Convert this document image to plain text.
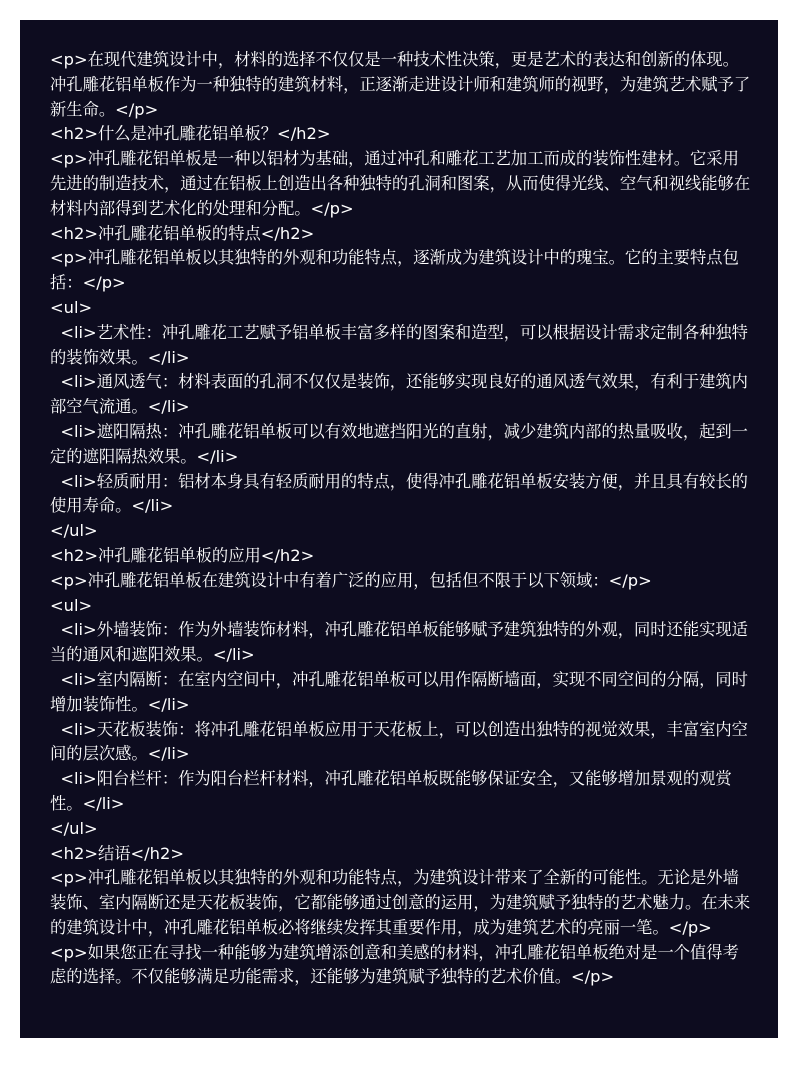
<p>在现代建筑设计中，材料的选择不仅仅是一种技术性决策，更是艺术的表达和创新的体现。冲孔雕花铝单板作为一种独特的建筑材料，正逐渐走进设计师和建筑师的视野，为建筑艺术赋予了新生命。</p>
<h2>什么是冲孔雕花铝单板？</h2>
<p>冲孔雕花铝单板是一种以铝材为基础，通过冲孔和雕花工艺加工而成的装饰性建材。它采用先进的制造技术，通过在铝板上创造出各种独特的孔洞和图案，从而使得光线、空气和视线能够在材料内部得到艺术化的处理和分配。</p>
<h2>冲孔雕花铝单板的特点</h2>
<p>冲孔雕花铝单板以其独特的外观和功能特点，逐渐成为建筑设计中的瑰宝。它的主要特点包括：</p>
<ul>
<li>艺术性：冲孔雕花工艺赋予铝单板丰富多样的图案和造型，可以根据设计需求定制各种独特的装饰效果。</li>
<li>通风透气：材料表面的孔洞不仅仅是装饰，还能够实现良好的通风透气效果，有利于建筑内部空气流通。</li>
<li>遮阳隔热：冲孔雕花铝单板可以有效地遮挡阳光的直射，减少建筑内部的热量吸收，起到一定的遮阳隔热效果。</li>
<li>轻质耐用：铝材本身具有轻质耐用的特点，使得冲孔雕花铝单板安装方便，并且具有较长的使用寿命。</li>
</ul>
<h2>冲孔雕花铝单板的应用</h2>
<p>冲孔雕花铝单板在建筑设计中有着广泛的应用，包括但不限于以下领域：</p>
<ul>
<li>外墙装饰：作为外墙装饰材料，冲孔雕花铝单板能够赋予建筑独特的外观，同时还能实现适当的通风和遮阳效果。</li>
<li>室内隔断：在室内空间中，冲孔雕花铝单板可以用作隔断墙面，实现不同空间的分隔，同时增加装饰性。</li>
<li>天花板装饰：将冲孔雕花铝单板应用于天花板上，可以创造出独特的视觉效果，丰富室内空间的层次感。</li>
<li>阳台栏杆：作为阳台栏杆材料，冲孔雕花铝单板既能够保证安全，又能够增加景观的观赏性。</li>
</ul>
<h2>结语</h2>
<p>冲孔雕花铝单板以其独特的外观和功能特点，为建筑设计带来了全新的可能性。无论是外墙装饰、室内隔断还是天花板装饰，它都能够通过创意的运用，为建筑赋予独特的艺术魅力。在未来的建筑设计中，冲孔雕花铝单板必将继续发挥其重要作用，成为建筑艺术的亮丽一笔。</p>
<p>如果您正在寻找一种能够为建筑增添创意和美感的材料，冲孔雕花铝单板绝对是一个值得考虑的选择。不仅能够满足功能需求，还能够为建筑赋予独特的艺术价值。</p>
